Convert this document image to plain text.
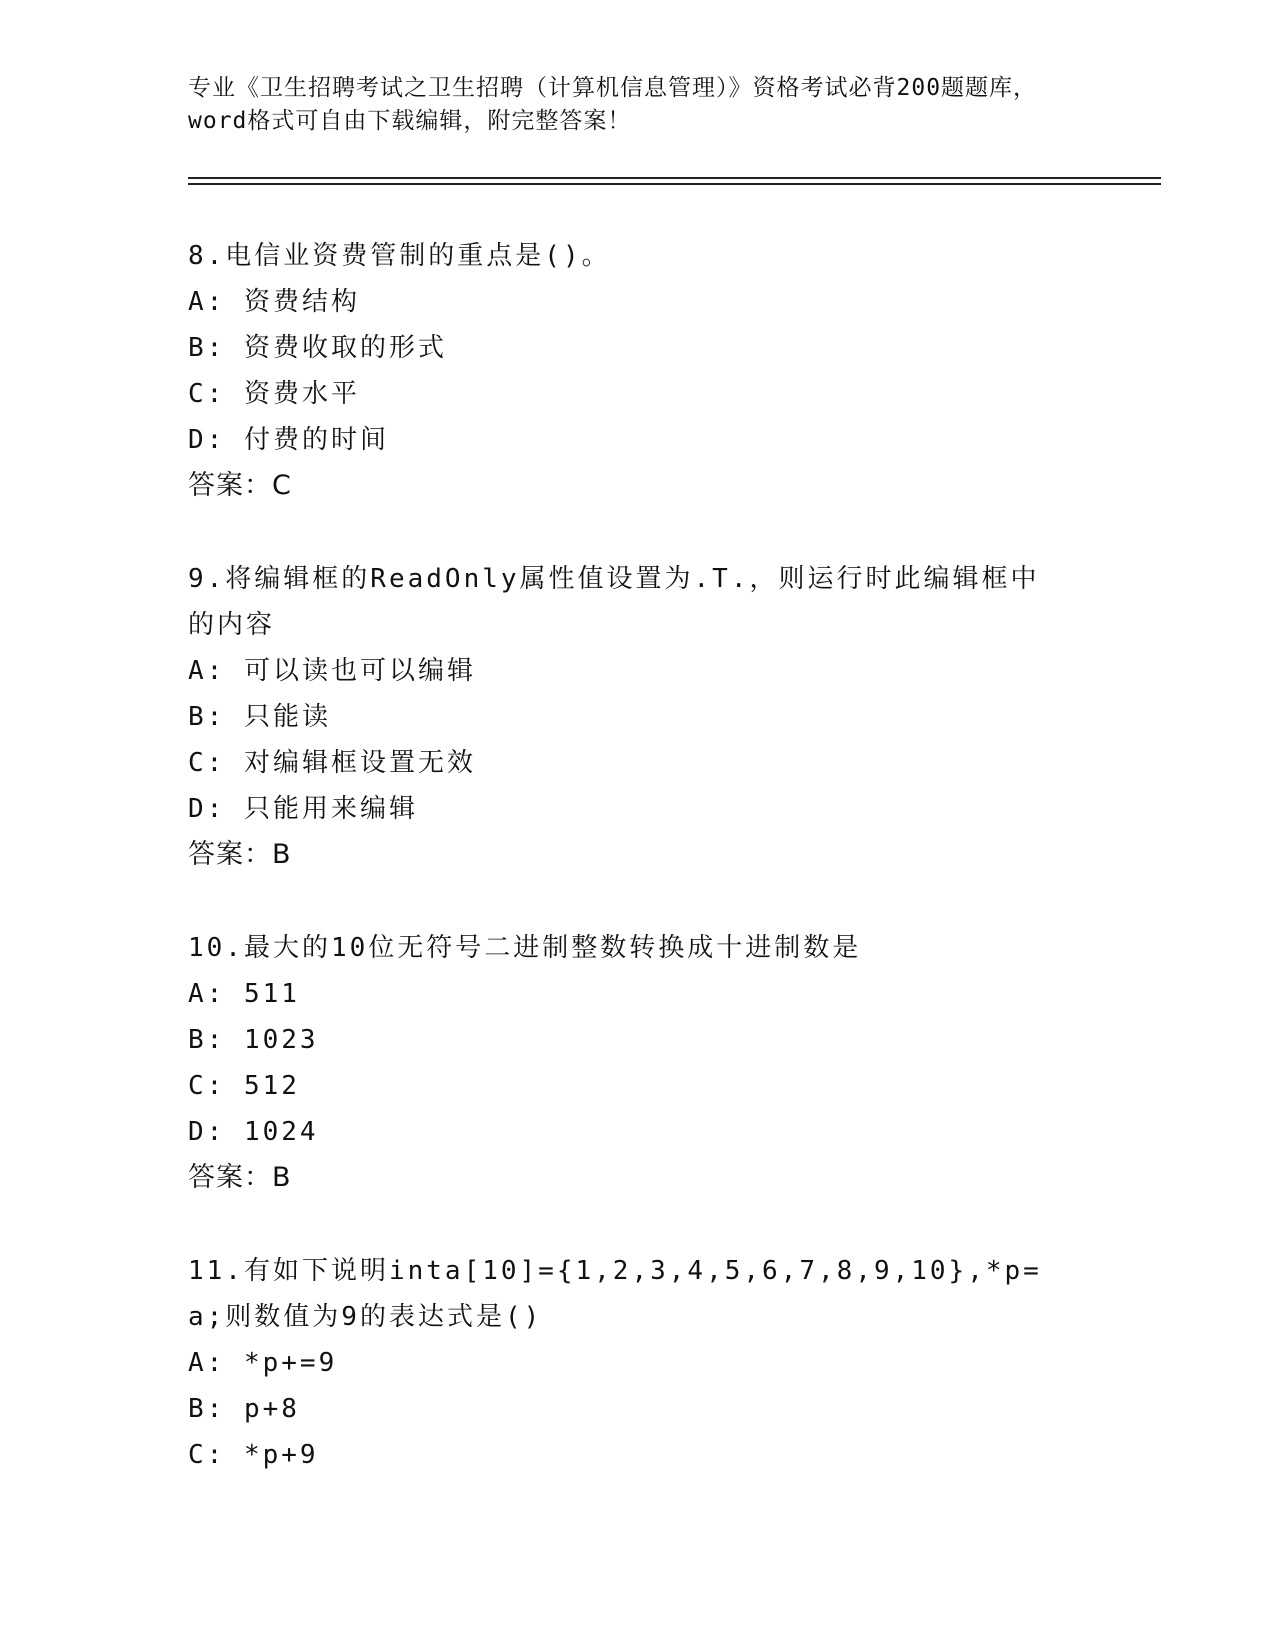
专业《卫生招聘考试之卫生招聘（计算机信息管理）》资格考试必背200题题库，
word格式可自由下载编辑，附完整答案！

8.电信业资费管制的重点是()。

A: 资费结构
B: 资费收取的形式
C: 资费水平
D: 付费的时间
答案：C

9.将编辑框的ReadOnly属性值设置为.T.，则运行时此编辑框中的内容

A: 可以读也可以编辑
B: 只能读
C: 对编辑框设置无效
D: 只能用来编辑
答案：B

10.最大的10位无符号二进制整数转换成十进制数是

A: 511
B: 1023
C: 512
D: 1024
答案：B

11.有如下说明inta[10]={1,2,3,4,5,6,7,8,9,10},*p=a;则数值为9的表达式是()

A: *p+=9
B: p+8
C: *p+9
